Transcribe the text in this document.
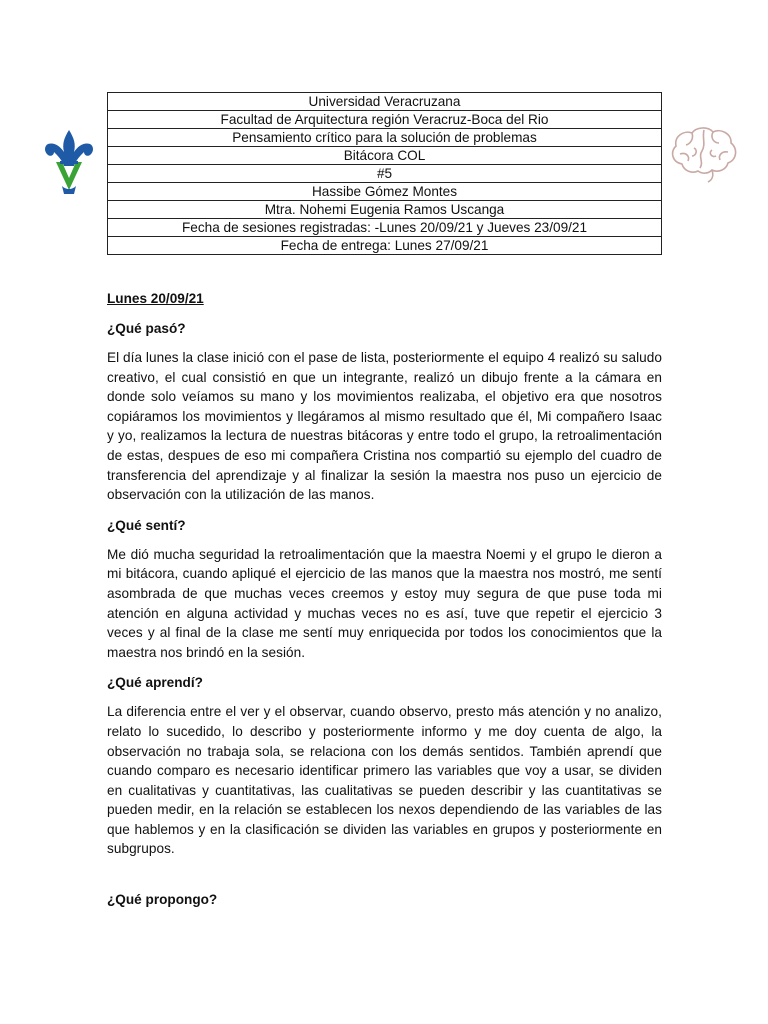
Universidad Veracruzana
Facultad de Arquitectura región Veracruz-Boca del Rio
Pensamiento crítico para la solución de problemas
Bitácora COL
#5
Hassibe Gómez Montes
Mtra. Nohemi Eugenia Ramos Uscanga
Fecha de sesiones registradas: -Lunes 20/09/21 y Jueves 23/09/21
Fecha de entrega: Lunes 27/09/21
Lunes 20/09/21
¿Qué pasó?
El día lunes la clase inició con el pase de lista, posteriormente el equipo 4 realizó su saludo creativo, el cual consistió en que un integrante, realizó un dibujo frente a la cámara en donde solo veíamos su mano y los movimientos realizaba, el objetivo era que nosotros copiáramos los movimientos y llegáramos al mismo resultado que él, Mi compañero Isaac y yo, realizamos la lectura de nuestras bitácoras y entre todo el grupo, la retroalimentación de estas, despues de eso mi compañera Cristina nos compartió su ejemplo del cuadro de transferencia del aprendizaje y al finalizar la sesión la maestra nos puso un ejercicio de observación con la utilización de las manos.
¿Qué sentí?
Me dió mucha seguridad la retroalimentación que la maestra Noemi y el grupo le dieron a mi bitácora, cuando apliqué el ejercicio de las manos que la maestra nos mostró, me sentí asombrada de que muchas veces creemos y estoy muy segura de que puse toda mi atención en alguna actividad y muchas veces no es así, tuve que repetir el ejercicio 3 veces y al final de la clase me sentí muy enriquecida por todos los conocimientos que la maestra nos brindó en la sesión.
¿Qué aprendí?
La diferencia entre el ver y el observar, cuando observo, presto más atención y no analizo, relato lo sucedido, lo describo y posteriormente informo y me doy cuenta de algo, la observación no trabaja sola, se relaciona con los demás sentidos. También aprendí que cuando comparo es necesario identificar primero las variables que voy a usar, se dividen en cualitativas y cuantitativas, las cualitativas se pueden describir y las cuantitativas se pueden medir, en la relación se establecen los nexos dependiendo de las variables de las que hablemos y en la clasificación se dividen las variables en grupos y posteriormente en subgrupos.
¿Qué propongo?
